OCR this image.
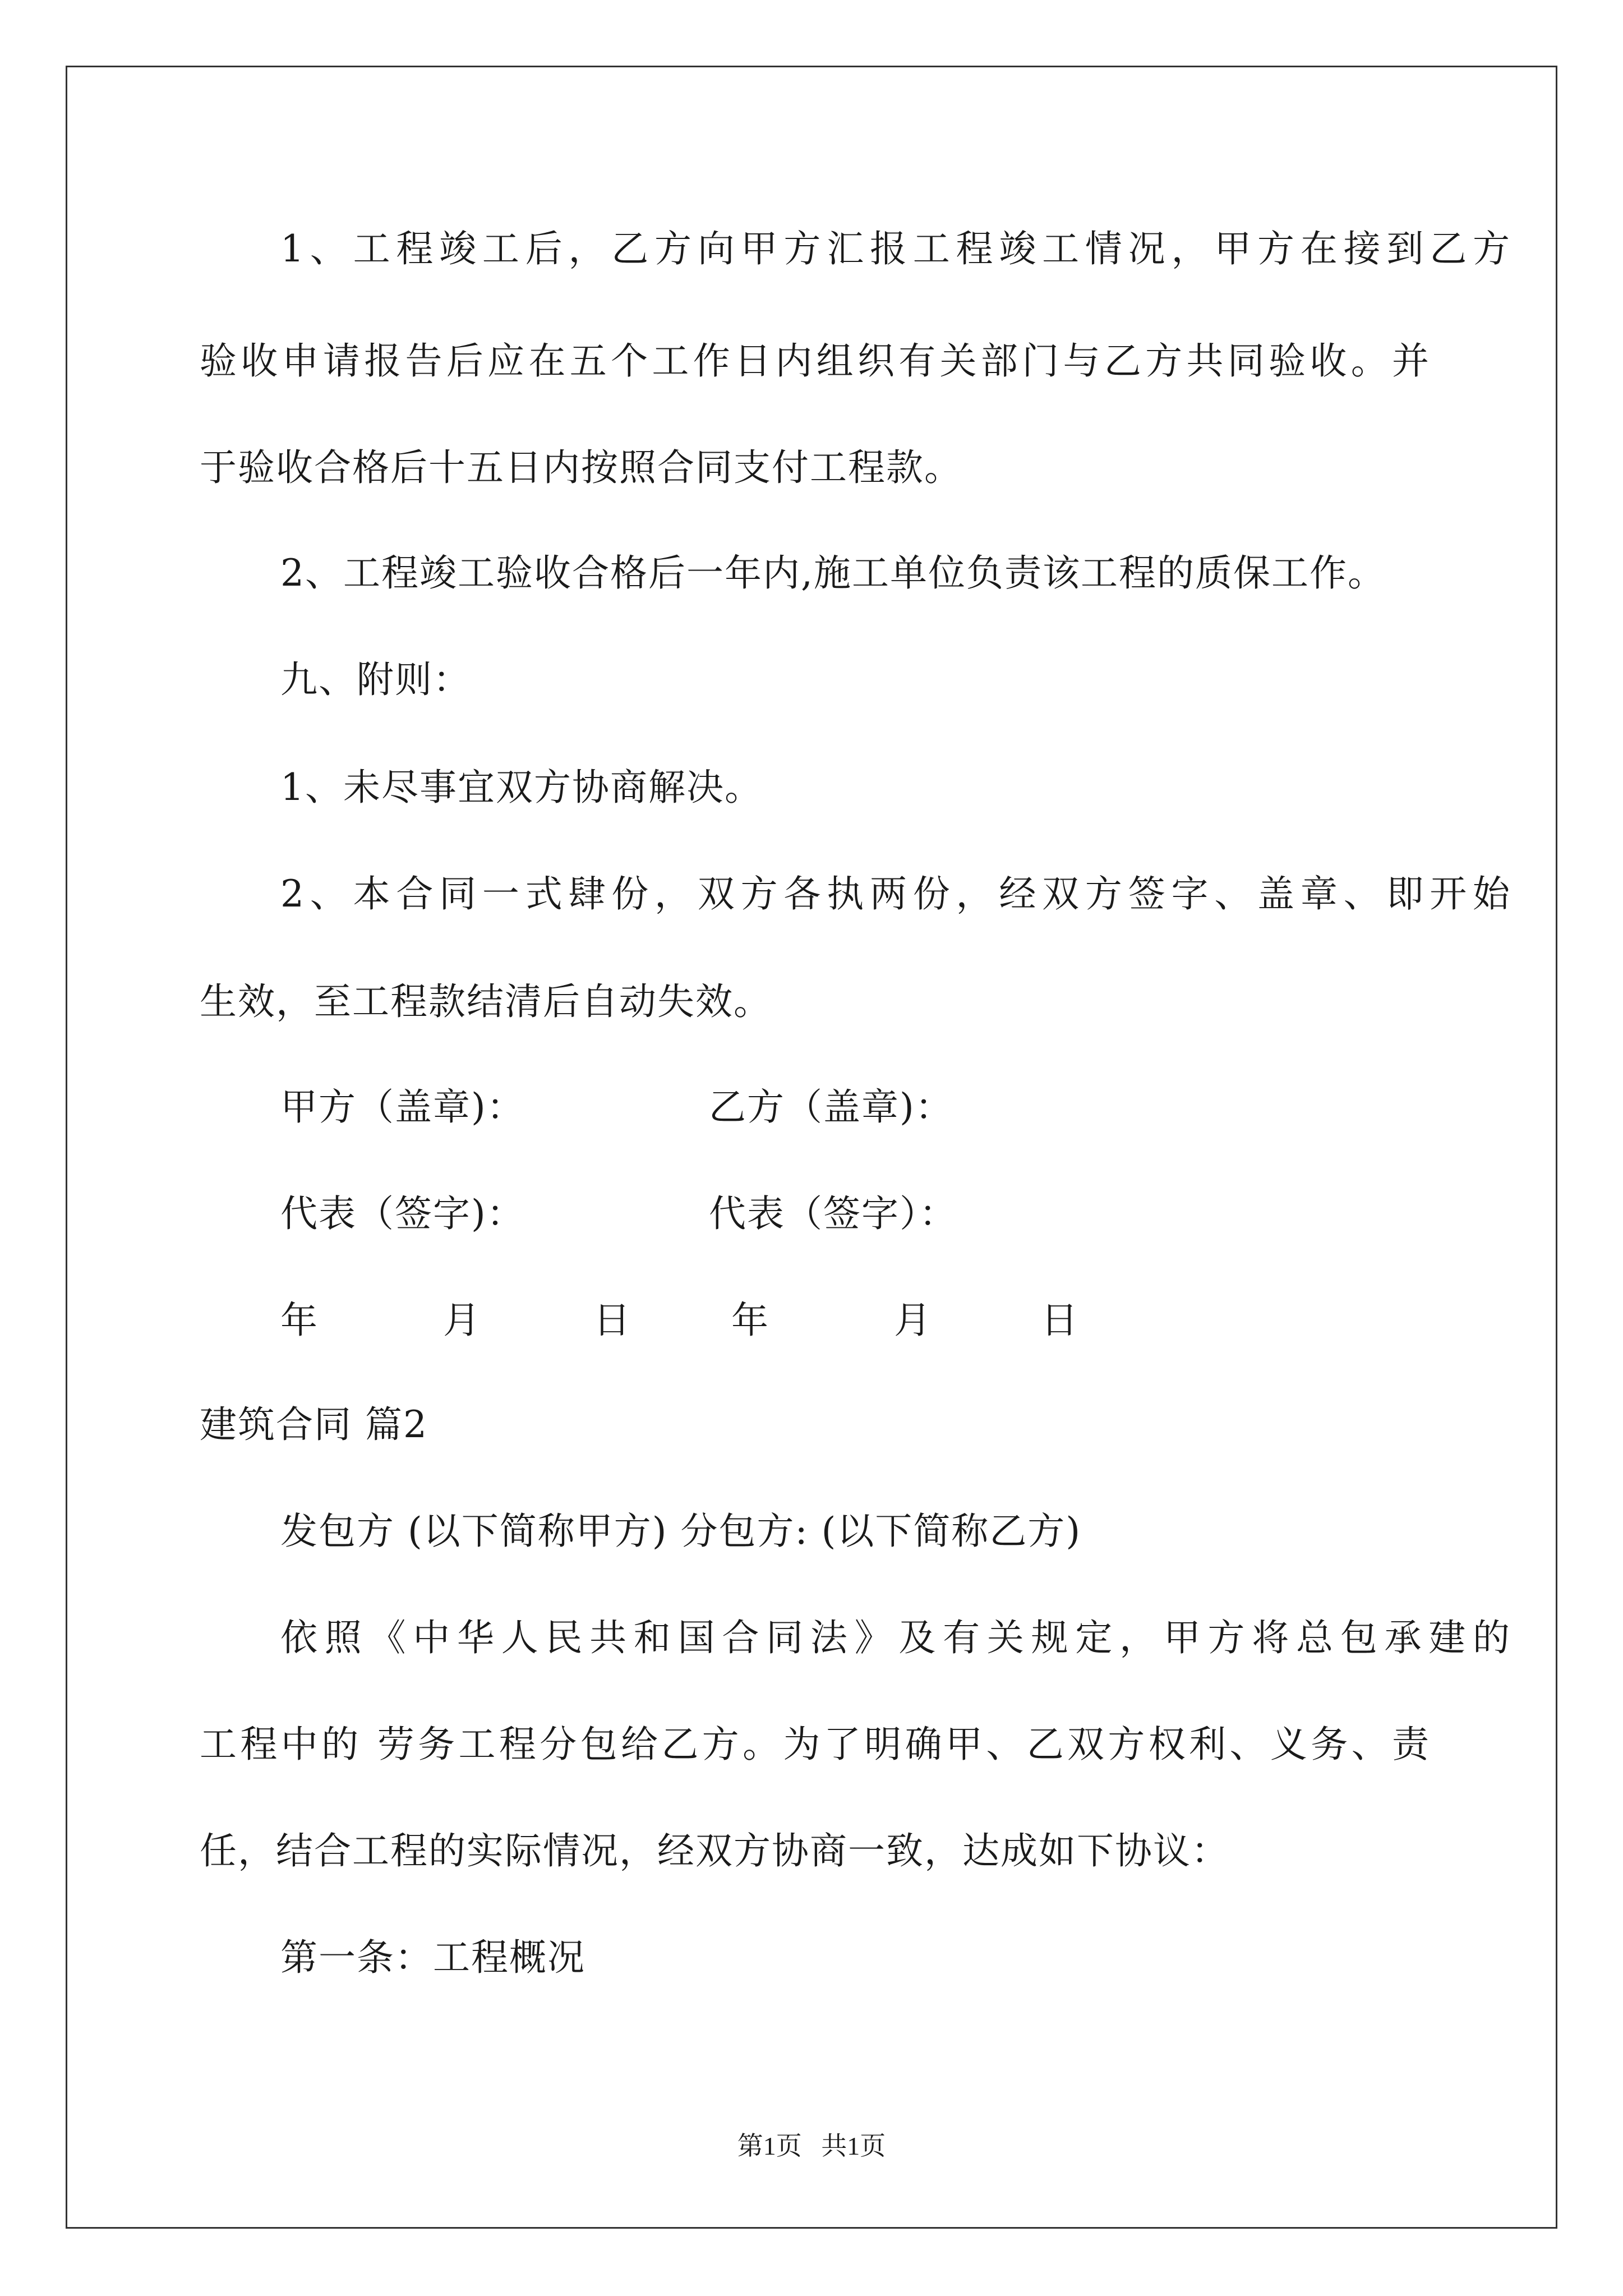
1、工程竣工后，乙方向甲方汇报工程竣工情况，甲方在接到乙方
验收申请报告后应在五个工作日内组织有关部门与乙方共同验收。并
于验收合格后十五日内按照合同支付工程款。
2、工程竣工验收合格后一年内,施工单位负责该工程的质保工作。
九、附则：
1、未尽事宜双方协商解决。
2、本合同一式肆份，双方各执两份，经双方签字、盖章、即开始
生效，至工程款结清后自动失效。
甲方（盖章)：	乙方（盖章)：
代表（签字)：	代表（签字）：
年	月	日	年	月	日
建筑合同 篇2
发包方 (以下简称甲方) 分包方: (以下简称乙方)
依照《中华人民共和国合同法》及有关规定，甲方将总包承建的
工程中的 劳务工程分包给乙方。为了明确甲、乙双方权利、义务、责
任，结合工程的实际情况，经双方协商一致，达成如下协议：
第一条：工程概况
第1页   共1页
